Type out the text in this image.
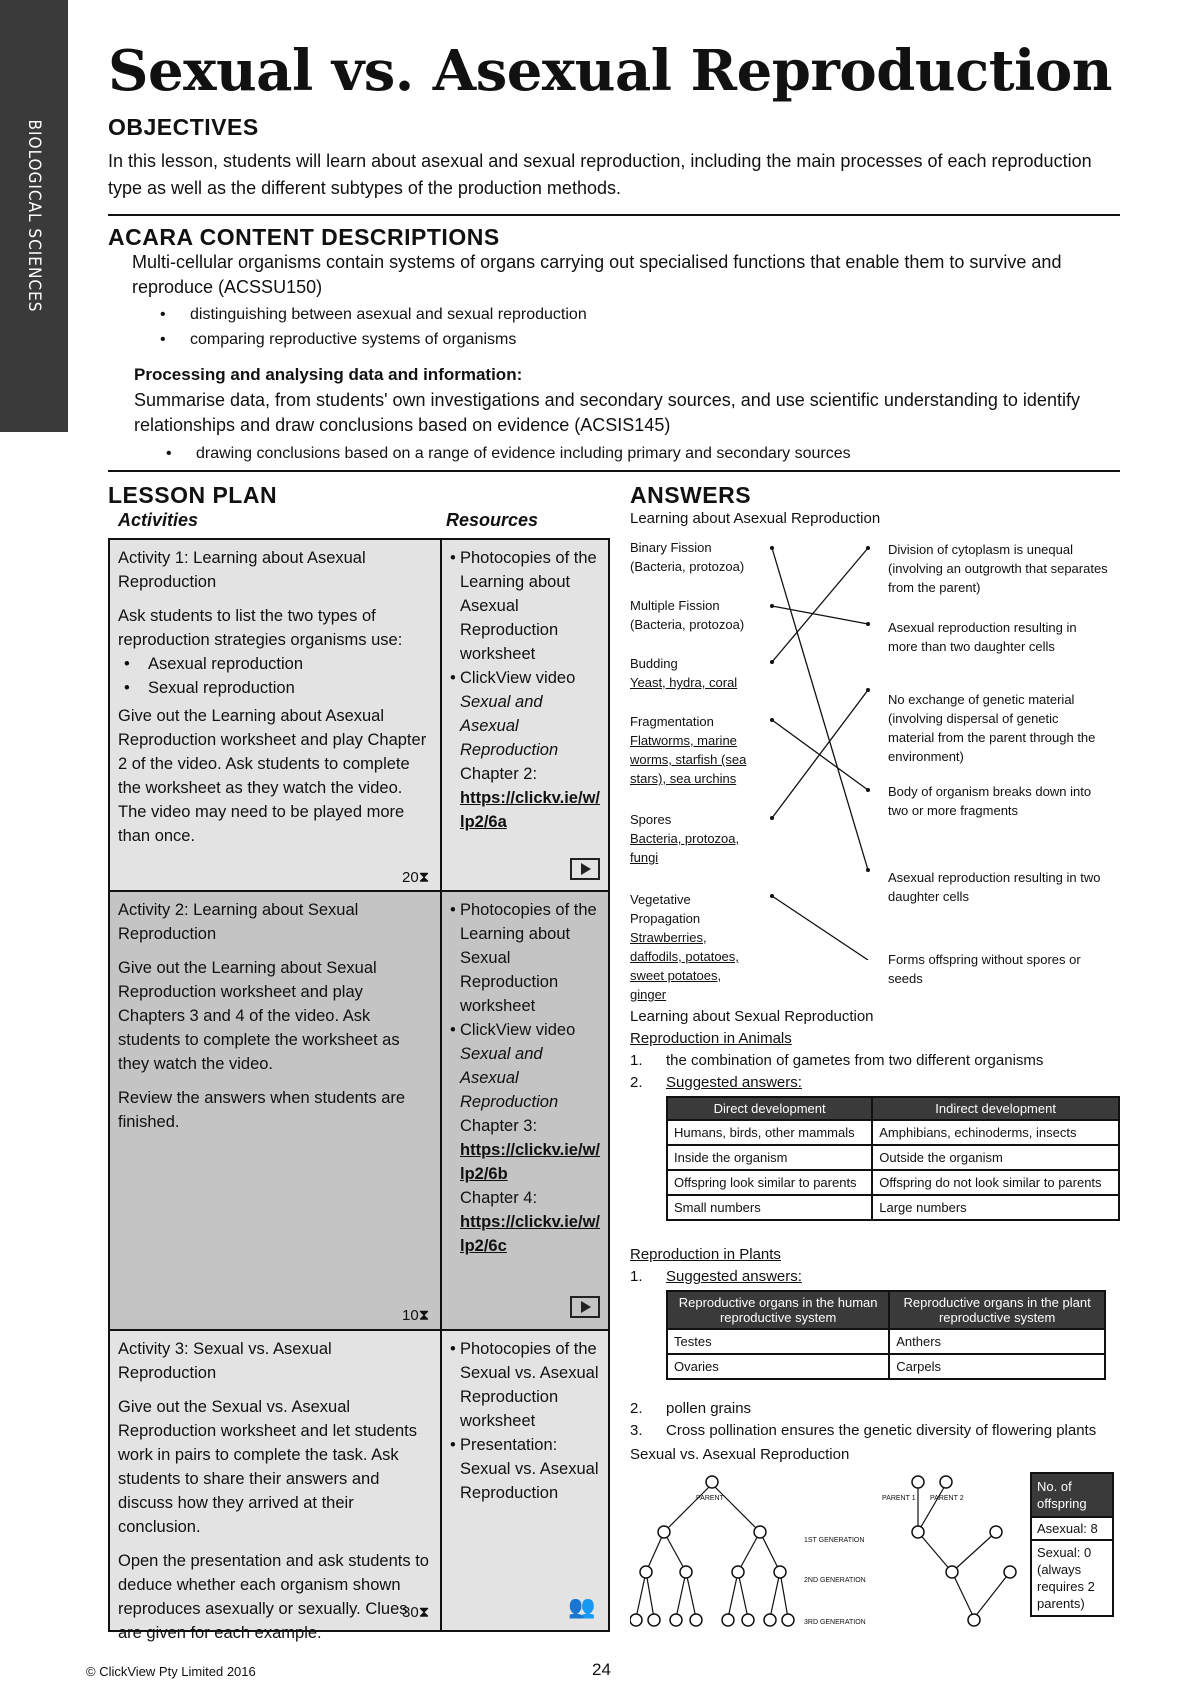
BIOLOGICAL SCIENCES
Sexual vs. Asexual Reproduction
OBJECTIVES
In this lesson, students will learn about asexual and sexual reproduction, including the main processes of each reproduction type as well as the different subtypes of the production methods.
ACARA CONTENT DESCRIPTIONS
Multi-cellular organisms contain systems of organs carrying out specialised functions that enable them to survive and reproduce (ACSSU150)
• distinguishing between asexual and sexual reproduction
• comparing reproductive systems of organisms
Processing and analysing data and information:
Summarise data, from students' own investigations and secondary sources, and use scientific understanding to identify relationships and draw conclusions based on evidence (ACSIS145)
• drawing conclusions based on a range of evidence including primary and secondary sources
LESSON PLAN
Activities	Resources

Activity 1: Learning about Asexual Reproduction

Ask students to list the two types of reproduction strategies organisms use:

• Asexual reproduction
• Sexual reproduction

Give out the Learning about Asexual Reproduction worksheet and play Chapter 2 of the video. Ask students to complete the worksheet as they watch the video. The video may need to be played more than once.

20⧗
• Photocopies of the Learning about Asexual Reproduction worksheet
• ClickView video Sexual and Asexual Reproduction
Chapter 2:
https://clickv.ie/w/lp2/6a

Activity 2: Learning about Sexual Reproduction

Give out the Learning about Sexual Reproduction worksheet and play Chapters 3 and 4 of the video. Ask students to complete the worksheet as they watch the video.

Review the answers when students are finished.

10⧗
• Photocopies of the Learning about Sexual Reproduction worksheet
• ClickView video Sexual and Asexual Reproduction
Chapter 3:
https://clickv.ie/w/lp2/6b
Chapter 4:
https://clickv.ie/w/lp2/6c

Activity 3: Sexual vs. Asexual Reproduction

Give out the Sexual vs. Asexual Reproduction worksheet and let students work in pairs to complete the task. Ask students to share their answers and discuss how they arrived at their conclusion.

Open the presentation and ask students to deduce whether each organism shown reproduces asexually or sexually. Clues are given for each example.

30⧗
• Photocopies of the Sexual vs. Asexual Reproduction worksheet
• Presentation: Sexual vs. Asexual Reproduction
👥
ANSWERS
Learning about Asexual Reproduction
Binary Fission
(Bacteria, protozoa)
Multiple Fission
(Bacteria, protozoa)
Budding
Yeast, hydra, coral
Fragmentation
Flatworms, marine worms, starfish (sea stars), sea urchins
Spores
Bacteria, protozoa, fungi
Vegetative Propagation
Strawberries, daffodils, potatoes, sweet potatoes, ginger
Division of cytoplasm is unequal (involving an outgrowth that separates from the parent)
Asexual reproduction resulting in more than two daughter cells
No exchange of genetic material (involving dispersal of genetic material from the parent through the environment)
Body of organism breaks down into two or more fragments
Asexual reproduction resulting in two daughter cells
Forms offspring without spores or seeds
Learning about Sexual Reproduction
Reproduction in Animals
1. the combination of gametes from two different organisms
2. Suggested answers:
Direct development	Indirect development
Humans, birds, other mammals	Amphibians, echinoderms, insects
Inside the organism	Outside the organism
Offspring look similar to parents	Offspring do not look similar to parents
Small numbers	Large numbers
Reproduction in Plants
1. Suggested answers:
Reproductive organs in the human reproductive system	Reproductive organs in the plant reproductive system
Testes	Anthers
Ovaries	Carpels
2. pollen grains
3. Cross pollination ensures the genetic diversity of flowering plants
Sexual vs. Asexual Reproduction
PARENT	PARENT 1 PARENT 2
1ST GENERATION
2ND GENERATION
3RD GENERATION
No. of offspring
Asexual: 8
Sexual: 0 (always requires 2 parents)
© ClickView Pty Limited 2016	24
